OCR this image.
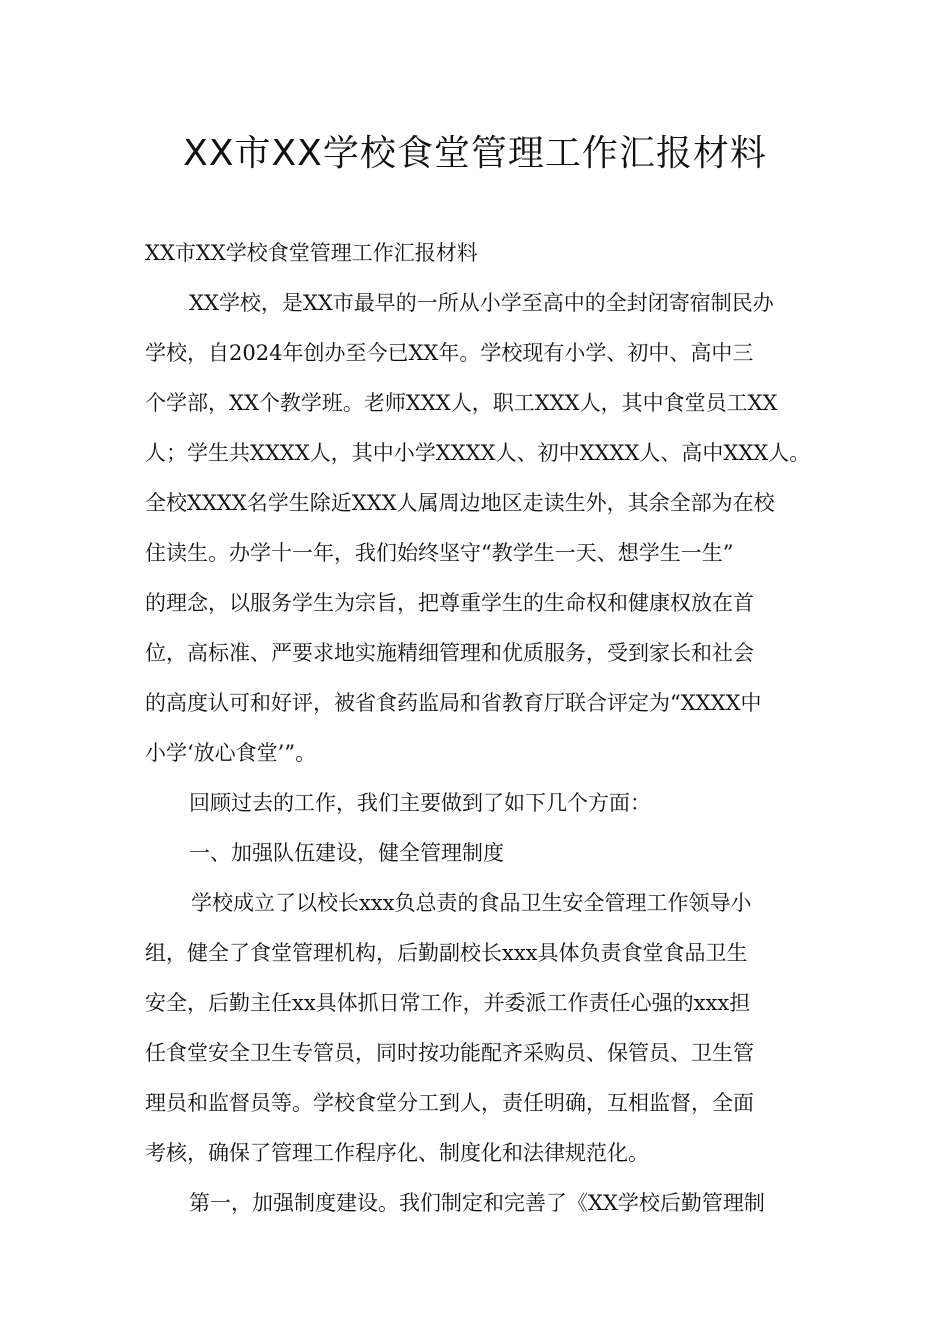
XX市XX学校食堂管理工作汇报材料

XX市XX学校食堂管理工作汇报材料

XX学校，是XX市最早的一所从小学至高中的全封闭寄宿制民办

学校，自2024年创办至今已XX年。学校现有小学、初中、高中三

个学部，XX个教学班。老师XXX人，职工XXX人，其中食堂员工XX

人；学生共XXXX人，其中小学XXXX人、初中XXXX人、高中XXX人。

全校XXXX名学生除近XXX人属周边地区走读生外，其余全部为在校

住读生。办学十一年，我们始终坚守“教学生一天、想学生一生”

的理念，以服务学生为宗旨，把尊重学生的生命权和健康权放在首

位，高标准、严要求地实施精细管理和优质服务，受到家长和社会

的高度认可和好评，被省食药监局和省教育厅联合评定为“XXXX中

小学‘放心食堂’”。

回顾过去的工作，我们主要做到了如下几个方面：

一、加强队伍建设，健全管理制度

学校成立了以校长xxx负总责的食品卫生安全管理工作领导小

组，健全了食堂管理机构，后勤副校长xxx具体负责食堂食品卫生

安全，后勤主任xx具体抓日常工作，并委派工作责任心强的xxx担

任食堂安全卫生专管员，同时按功能配齐采购员、保管员、卫生管

理员和监督员等。学校食堂分工到人，责任明确，互相监督，全面

考核，确保了管理工作程序化、制度化和法律规范化。

第一，加强制度建设。我们制定和完善了《XX学校后勤管理制
